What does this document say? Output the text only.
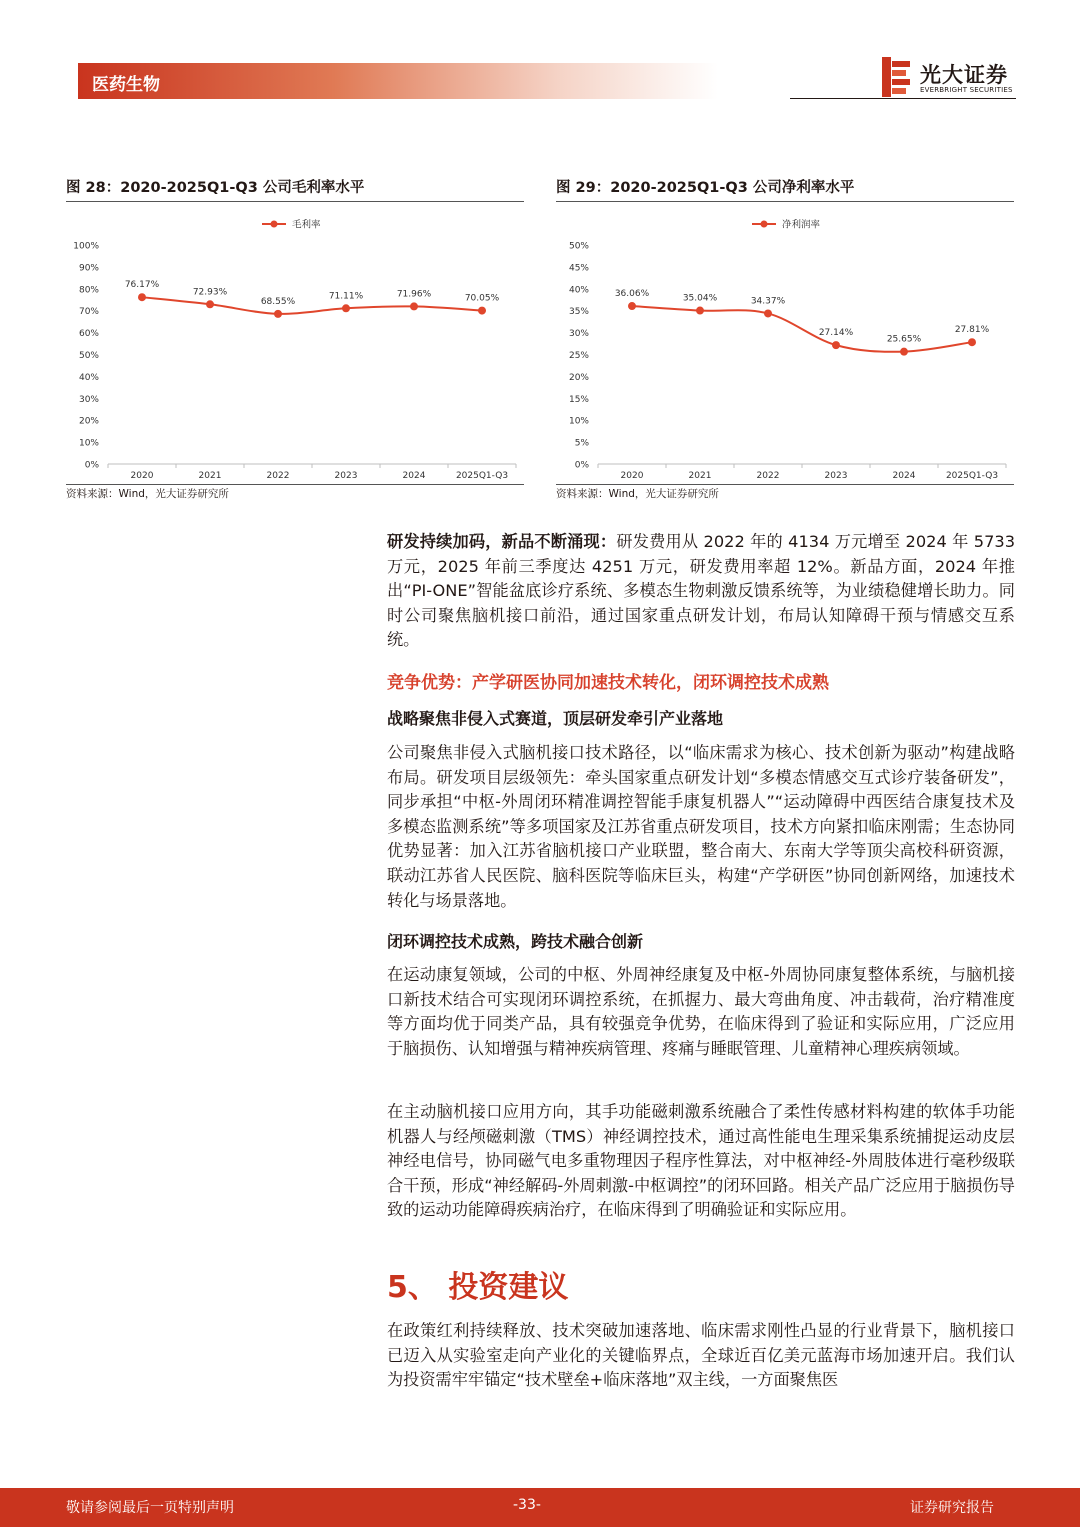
医药生物	光大证券
EVERBRIGHT SECURITIES
图 28：2020-2025Q1-Q3 公司毛利率水平
毛利率
0%
10%
20%
30%
40%
50%
60%
70%
80%
90%
100%
2020	2021	2022	2023	2024	2025Q1-Q3
76.17%
72.93%
68.55%
71.11%	71.96%	70.05%
资料来源：Wind，光大证券研究所
图 29：2020-2025Q1-Q3 公司净利率水平
净利润率
0%
5%
10%
15%
20%
25%
30%
35%
40%
45%
50%
2020	2021	2022	2023	2024	2025Q1-Q3
36.06%	35.04%	34.37%
27.14%
25.65%
27.81%
资料来源：Wind，光大证券研究所

研发持续加码，新品不断涌现：研发费用从 2022 年的 4134 万元增至 2024 年 5733 万元，2025 年前三季度达 4251 万元，研发费用率超 12%。新品方面，2024 年推出“PI-ONE”智能盆底诊疗系统、多模态生物刺激反馈系统等，为业绩稳健增长助力。同时公司聚焦脑机接口前沿，通过国家重点研发计划，布局认知障碍干预与情感交互系统。

竞争优势：产学研医协同加速技术转化，闭环调控技术成熟
战略聚焦非侵入式赛道，顶层研发牵引产业落地

公司聚焦非侵入式脑机接口技术路径，以“临床需求为核心、技术创新为驱动”构建战略布局。研发项目层级领先：牵头国家重点研发计划“多模态情感交互式诊疗装备研发”，同步承担“中枢-外周闭环精准调控智能手康复机器人”“运动障碍中西医结合康复技术及多模态监测系统”等多项国家及江苏省重点研发项目，技术方向紧扣临床刚需；生态协同优势显著：加入江苏省脑机接口产业联盟，整合南大、东南大学等顶尖高校科研资源，联动江苏省人民医院、脑科医院等临床巨头，构建“产学研医”协同创新网络，加速技术转化与场景落地。

闭环调控技术成熟，跨技术融合创新

在运动康复领域，公司的中枢、外周神经康复及中枢-外周协同康复整体系统，与脑机接口新技术结合可实现闭环调控系统，在抓握力、最大弯曲角度、冲击载荷，治疗精准度等方面均优于同类产品，具有较强竞争优势，在临床得到了验证和实际应用，广泛应用于脑损伤、认知增强与精神疾病管理、疼痛与睡眠管理、儿童精神心理疾病领域。

在主动脑机接口应用方向，其手功能磁刺激系统融合了柔性传感材料构建的软体手功能机器人与经颅磁刺激（TMS）神经调控技术，通过高性能电生理采集系统捕捉运动皮层神经电信号，协同磁气电多重物理因子程序性算法，对中枢神经-外周肢体进行毫秒级联合干预，形成“神经解码-外周刺激-中枢调控”的闭环回路。相关产品广泛应用于脑损伤导致的运动功能障碍疾病治疗，在临床得到了明确验证和实际应用。

5、 投资建议

在政策红利持续释放、技术突破加速落地、临床需求刚性凸显的行业背景下，脑机接口已迈入从实验室走向产业化的关键临界点，全球近百亿美元蓝海市场加速开启。我们认为投资需牢牢锚定“技术壁垒+临床落地”双主线，一方面聚焦医

敬请参阅最后一页特别声明	-33-	证券研究报告
